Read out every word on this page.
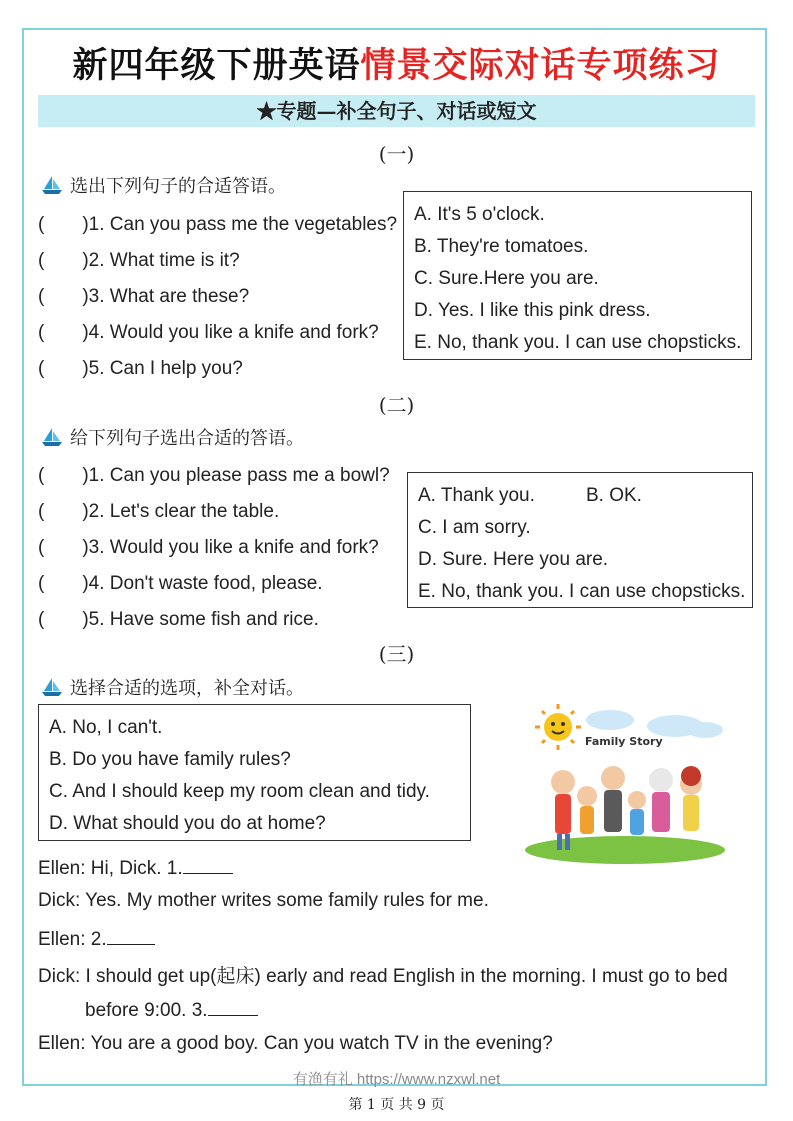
新四年级下册英语情景交际对话专项练习
★专题—补全句子、对话或短文
(一)
选出下列句子的合适答语。
(　　)1. Can you pass me the vegetables?
(　　)2. What time is it?
(　　)3. What are these?
(　　)4. Would you like a knife and fork?
(　　)5. Can I help you?
A. It's 5 o'clock.
B. They're tomatoes.
C. Sure.Here you are.
D. Yes. I like this pink dress.
E. No, thank you. I can use chopsticks.
(二)
给下列句子选出合适的答语。
(　　)1. Can you please pass me a bowl?
(　　)2. Let's clear the table.
(　　)3. Would you like a knife and fork?
(　　)4. Don't waste food, please.
(　　)5. Have some fish and rice.
A. Thank you.	B. OK.
C. I am sorry.
D. Sure. Here you are.
E. No, thank you. I can use chopsticks.
(三)
选择合适的选项，补全对话。
A. No, I can't.
B. Do you have family rules?
C. And I should keep my room clean and tidy.
D. What should you do at home?
Family Story
Ellen: Hi, Dick. 1.
Dick: Yes. My mother writes some family rules for me.
Ellen: 2.
Dick: I should get up(起床) early and read English in the morning. I must go to bed
before 9:00. 3.
Ellen: You are a good boy. Can you watch TV in the evening?
有渔有礼 https://www.nzxwl.net
第 1 页 共 9 页
